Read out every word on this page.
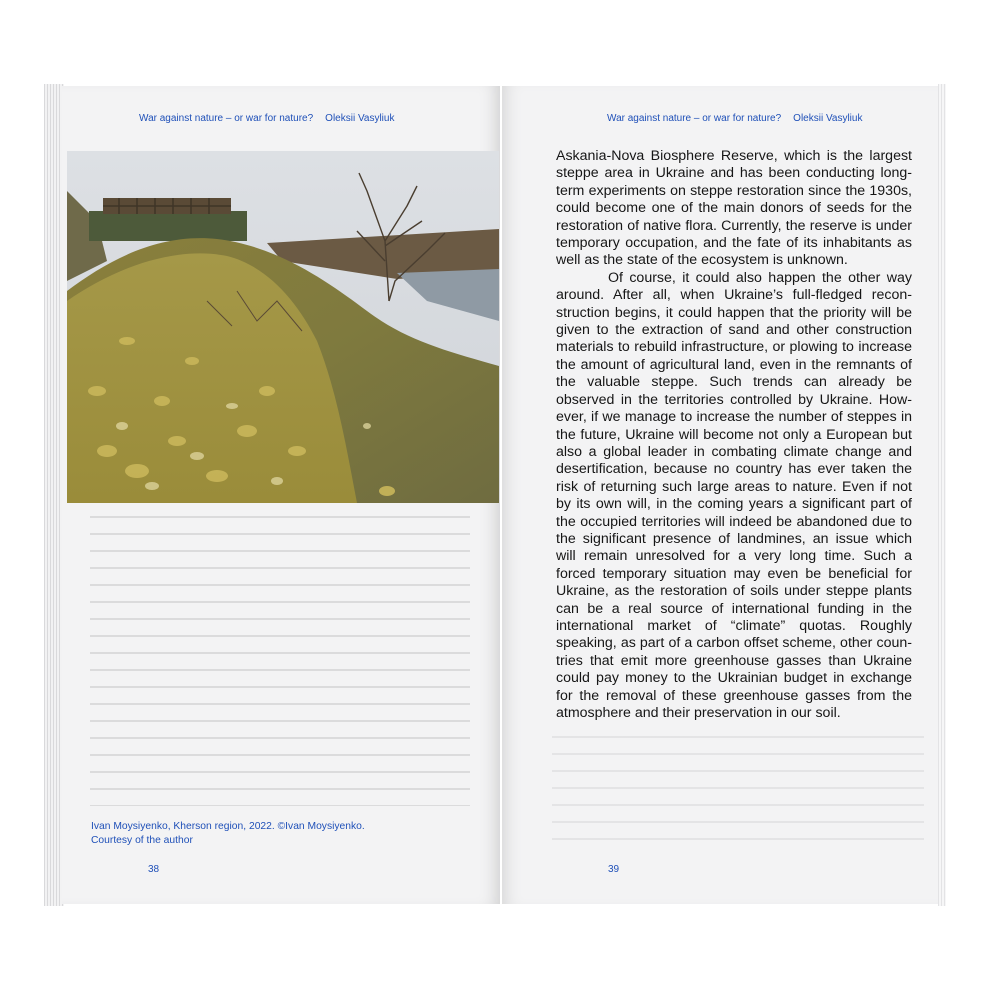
War against nature – or war for nature? Oleksii Vasyliuk
Ivan Moysiyenko, Kherson region, 2022. ©Ivan Moysiyenko.
Courtesy of the author
38
War against nature – or war for nature? Oleksii Vasyliuk

Askania-Nova Biosphere Reserve, which is the largest steppe area in Ukraine and has been conducting long-term experiments on steppe restoration since the 1930s, could become one of the main donors of seeds for the restoration of native flora. Currently, the reserve is under temporary occupation, and the fate of its inhabitants as well as the state of the ecosystem is unknown.

Of course, it could also happen the other way around. After all, when Ukraine’s full-fledged reconstruction begins, it could happen that the priority will be given to the extraction of sand and other construction materials to rebuild infrastructure, or plowing to increase the amount of agricultural land, even in the remnants of the valuable steppe. Such trends can already be observed in the territories controlled by Ukraine. However, if we manage to increase the number of steppes in the future, Ukraine will become not only a European but also a global leader in combating climate change and desertification, because no country has ever taken the risk of returning such large areas to nature. Even if not by its own will, in the coming years a significant part of the occupied territories will indeed be abandoned due to the significant presence of landmines, an issue which will remain unresolved for a very long time. Such a forced temporary situation may even be beneficial for Ukraine, as the restoration of soils under steppe plants can be a real source of international funding in the international market of “climate” quotas. Roughly speaking, as part of a carbon offset scheme, other countries that emit more greenhouse gasses than Ukraine could pay money to the Ukrainian budget in exchange for the removal of these greenhouse gasses from the atmosphere and their preservation in our soil.

39
